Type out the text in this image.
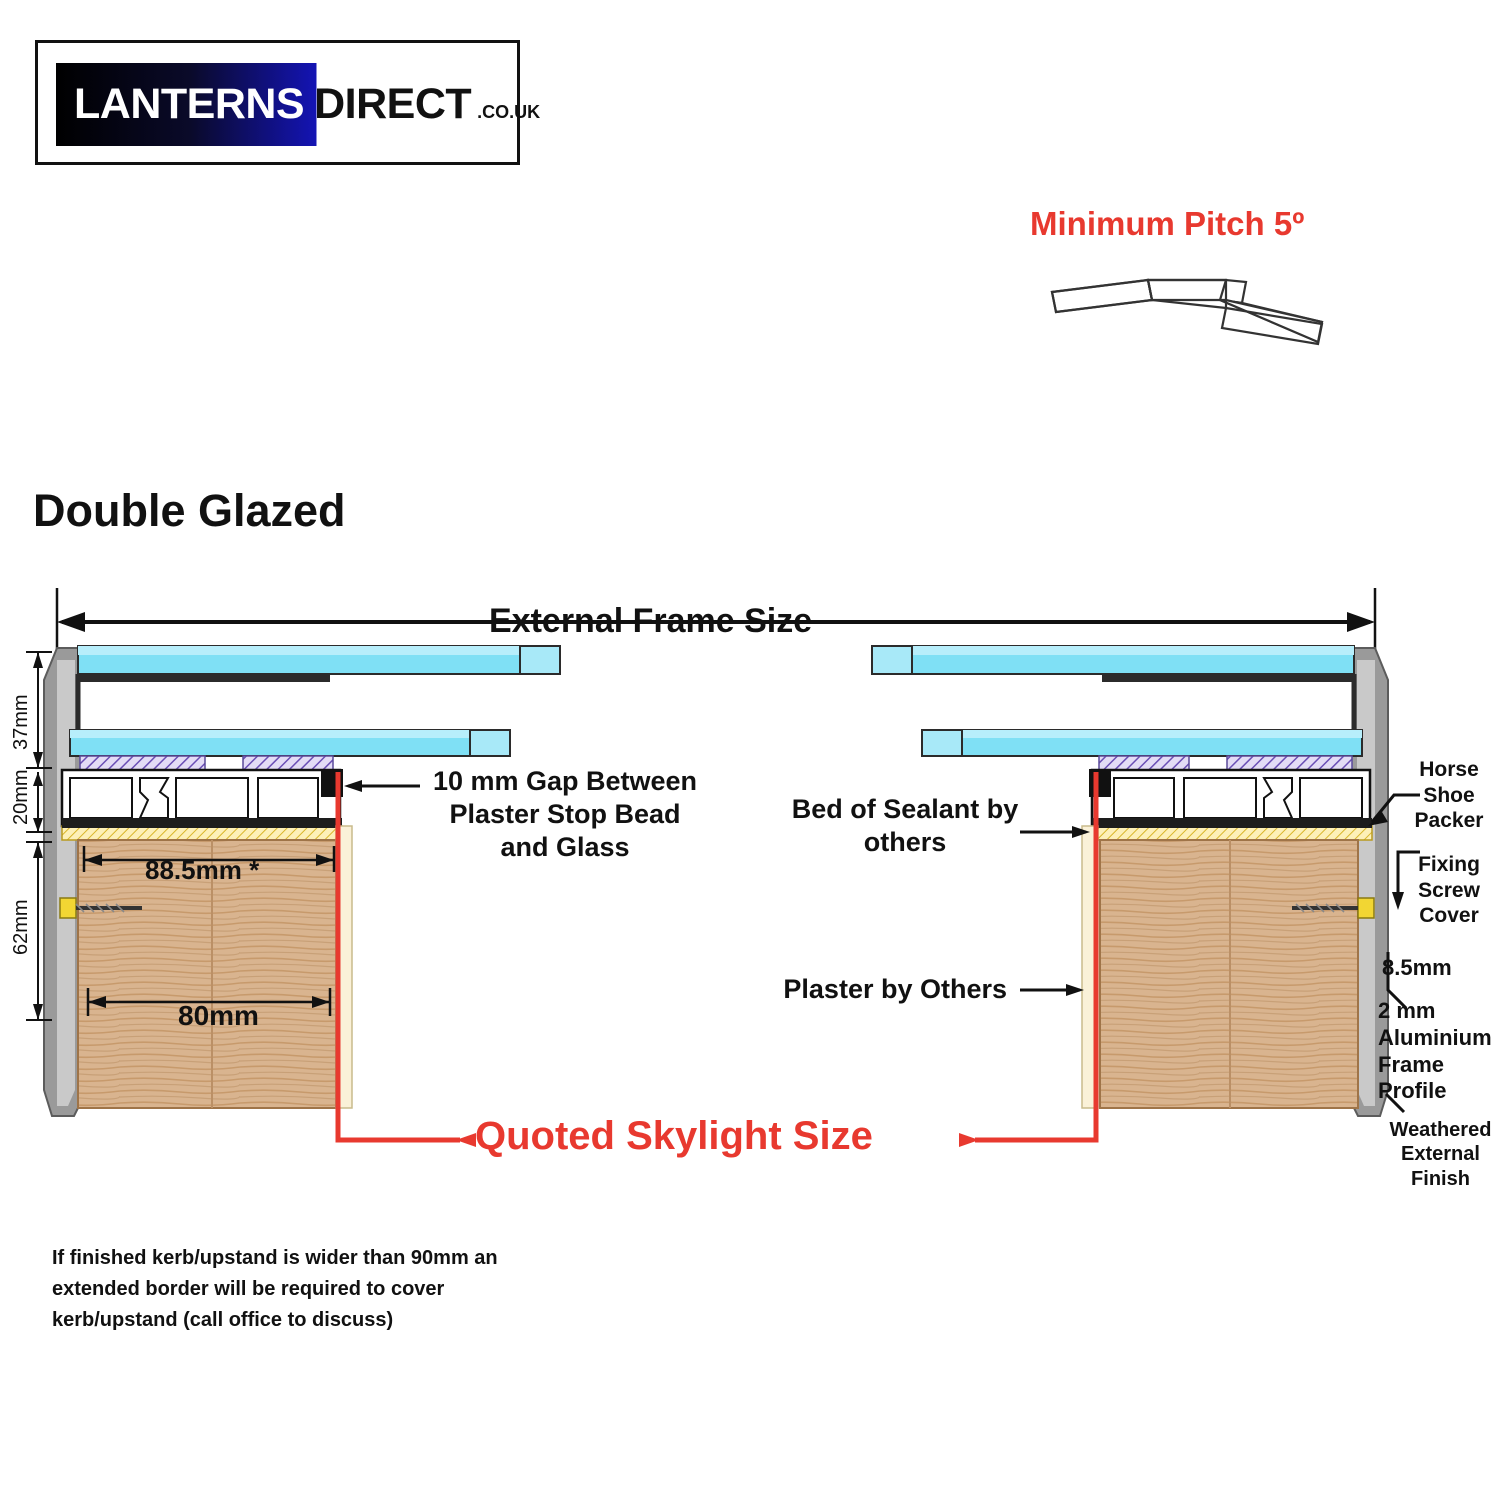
LANTERNS DIRECT .CO.UK
Minimum Pitch 5º
Double Glazed
External Frame Size
10 mm Gap Between Plaster Stop Bead and Glass
Bed of Sealant by others
Plaster by Others
Quoted Skylight Size
Horse Shoe Packer
Fixing Screw Cover
8.5mm
2 mm Aluminium Frame Profile
Weathered External Finish
37mm
20mm
62mm
88.5mm *
80mm
If finished kerb/upstand is wider than 90mm an extended border will be required to cover kerb/upstand (call office to discuss)
